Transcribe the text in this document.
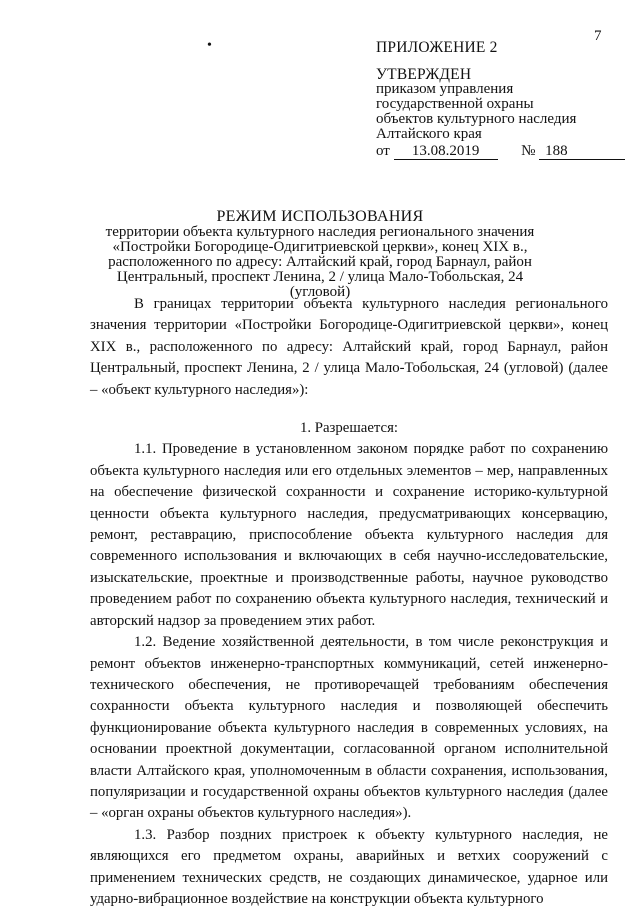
7
•	ПРИЛОЖЕНИЕ 2
УТВЕРЖДЕН
приказом управления
государственной охраны
объектов культурного наследия
Алтайского края
от 13.08.2019	№ 188
РЕЖИМ ИСПОЛЬЗОВАНИЯ
территории объекта культурного наследия регионального значения
«Постройки Богородице-Одигитриевской церкви», конец XIX в.,
расположенного по адресу: Алтайский край, город Барнаул, район
Центральный, проспект Ленина, 2 / улица Мало-Тобольская, 24 (угловой)

В границах территории объекта культурного наследия регионального значения территории «Постройки Богородице-Одигитриевской церкви», конец XIX в., расположенного по адресу: Алтайский край, город Барнаул, район Центральный, проспект Ленина, 2 / улица Мало-Тобольская, 24 (угловой) (далее – «объект культурного наследия»):

1. Разрешается:

1.1. Проведение в установленном законом порядке работ по сохранению объекта культурного наследия или его отдельных элементов – мер, направленных на обеспечение физической сохранности и сохранение историко-культурной ценности объекта культурного наследия, предусматривающих консервацию, ремонт, реставрацию, приспособление объекта культурного наследия для современного использования и включающих в себя научно-исследовательские, изыскательские, проектные и производственные работы, научное руководство проведением работ по сохранению объекта культурного наследия, технический и авторский надзор за проведением этих работ.

1.2. Ведение хозяйственной деятельности, в том числе реконструкция и ремонт объектов инженерно-транспортных коммуникаций, сетей инженерно-технического обеспечения, не противоречащей требованиям обеспечения сохранности объекта культурного наследия и позволяющей обеспечить функционирование объекта культурного наследия в современных условиях, на основании проектной документации, согласованной органом исполнительной власти Алтайского края, уполномоченным в области сохранения, использования, популяризации и государственной охраны объектов культурного наследия (далее – «орган охраны объектов культурного наследия»).

1.3. Разбор поздних пристроек к объекту культурного наследия, не являющихся его предметом охраны, аварийных и ветхих сооружений с применением технических средств, не создающих динамическое, ударное или ударно-вибрационное воздействие на конструкции объекта культурного
